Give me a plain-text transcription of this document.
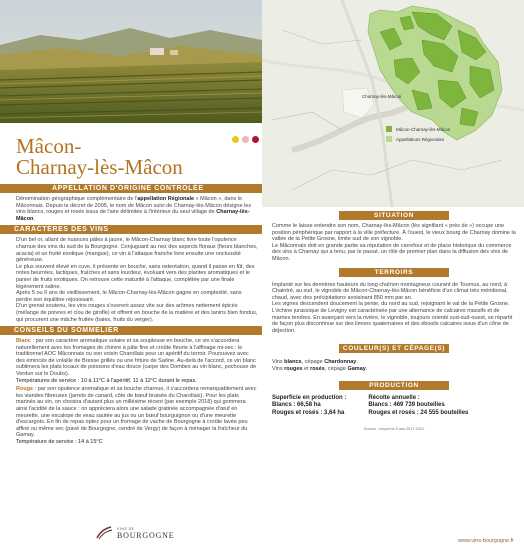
Charnay-lès-Mâcon
Mâcon-Charnay-lès-Mâcon
Appellations Régionales
Mâcon-
Charnay-lès-Mâcon
APPELLATION D'ORIGINE CONTRÔLÉE
Dénomination géographique complémentaire de l'appellation Régionale « Mâcon », dans le Mâconnais. Depuis le décret de 2005, le nom de Mâcon suivi de Charnay-lès-Mâcon désigne les vins blancs, rouges et rosés issus de l'aire délimitée à l'intérieur du seul village de Charnay-lès-Mâcon.
CARACTÈRES DES VINS
D'un bel or, allant de nuances pâles à jaune, le Mâcon-Charnay blanc livre toute l'opulence charnue des vins du sud de la Bourgogne. Conjuguant au nez des aspects floraux (fleurs blanches, acacia) et un fruité exotique (mangue), ce vin à l'attaque franche livre ensuite une onctuosité généreuse.
Le plus souvent élevé en cuve, il présente en bouche, sans ostentation, quand il passe en fût, des notes beurrées, lactiques, fraîches et sans lourdeur, évoluant vers des plantes aromatiques et le panier de fruits exotiques. On retrouve cette maturité à l'attaque, complétée par une finale légèrement saline.
Après 5 ou 6 ans de vieillissement, le Mâcon-Charnay-lès-Mâcon gagne en complexité, sans perdre son équilibre réjouissant.
D'un grenat soutenu, les vins rouges s'ouvrent assez vite sur des arômes nettement épicés (mélange de poivres et clou de girofle) et offrent en bouche de la matière et des tanins bien fondus, qui procurent une mâche fruitée (baies, fruits du verger).
CONSEILS DU SOMMELIER
Blanc : par son caractère aromatique solaire et sa souplesse en bouche, ce vin s'accordera naturellement avec les fromages de chèvre à pâte fine et croûte fleurie à l'affinage mi-sec : le traditionnel AOC Mâconnais ou son voisin Charollais pour un apéritif du terroir. Poursuivez avec des émincés de volaille de Bresse grillés ou une friture de Saône. Au-delà de l'accord, ce vin blanc sublimera les plats locaux de poissons d'eau douce (carpe des Dombes au vin blanc, pochouse de Verdun sur le Doubs).
Températures de service : 10 à 11°C à l'apéritif, 11 à 12°C durant le repas.
Rouge : par son opulence aromatique et sa bouche charnue, il s'accordera remarquablement avec les viandes fibreuses (jarrets de canard, côte de bœuf braisée du Charollais). Pour les plats marinés au vin, on choisira d'autant plus un millésime récent (par exemple 2018) qui gommera ainsi l'acidité de la sauce : on appréciera alors une salade gratinée accompagnée d'œuf en meurette, une escalope de veau sautée au jus ou un bœuf bourguignon ou d'une meurette d'escargots. En fin de repas optez pour un fromage de vache de Bourgogne à croûte lavée peu affiné ou même sec (pavé de Bourgogne, cendré de Vergy) de façon à ménager la fraîcheur du Gamay.
Température de service : 14 à 15°C
SITUATION
Comme le laisse entendre son nom, Charnay-lès-Mâcon (lès signifiant « près de ») occupe une position périphérique par rapport à la ville préfecture. À l'ouest, le vieux bourg de Charnay domine la vallée de la Petite Grosne, limite sud de son vignoble.
Le Mâconnais doit en grande partie sa réputation de carrefour et de place historique du commerce des vins à Charnay qui a tenu, par le passé, un rôle de premier plan dans la diffusion des vins de Mâcon.
TERROIRS
Implanté sur les dernières hauteurs du long chaînon montagneux courant de Tournus, au nord, à Chaintré, au sud, le vignoble de Mâcon-Charnay-lès-Mâcon bénéficie d'un climat très méridional, chaud, avec des précipitations avoisinant 850 mm par an.
Les vignes descendent doucement la pente, du nord au sud, rejoignant le val de la Petite Grosne. L'échine jurassique de Levigny est caractérisée par une alternance de calcaires massifs et de marnes tendres. En avançant vers la rivière, le vignoble, toujours orienté sud-sud-ouest, se répartit de façon plus discontinue sur des limons quaternaires et des éboulis calcaires issus d'un cône de déjection.
COULEUR(S) ET CÉPAGE(S)
Vins blancs, cépage Chardonnay.
Vins rouges et rosés, cépage Gamay.
PRODUCTION
Superficie en production :
Blancs : 66,58 ha
Rouges et rosés : 3,64 ha
Récolte annuelle :
Blancs : 469 739 bouteilles
Rouges et rosés : 24 555 bouteilles
Source : moyenne 5 ans 2017-2021
www.vins-bourgogne.fr
VINS DE
BOURGOGNE
